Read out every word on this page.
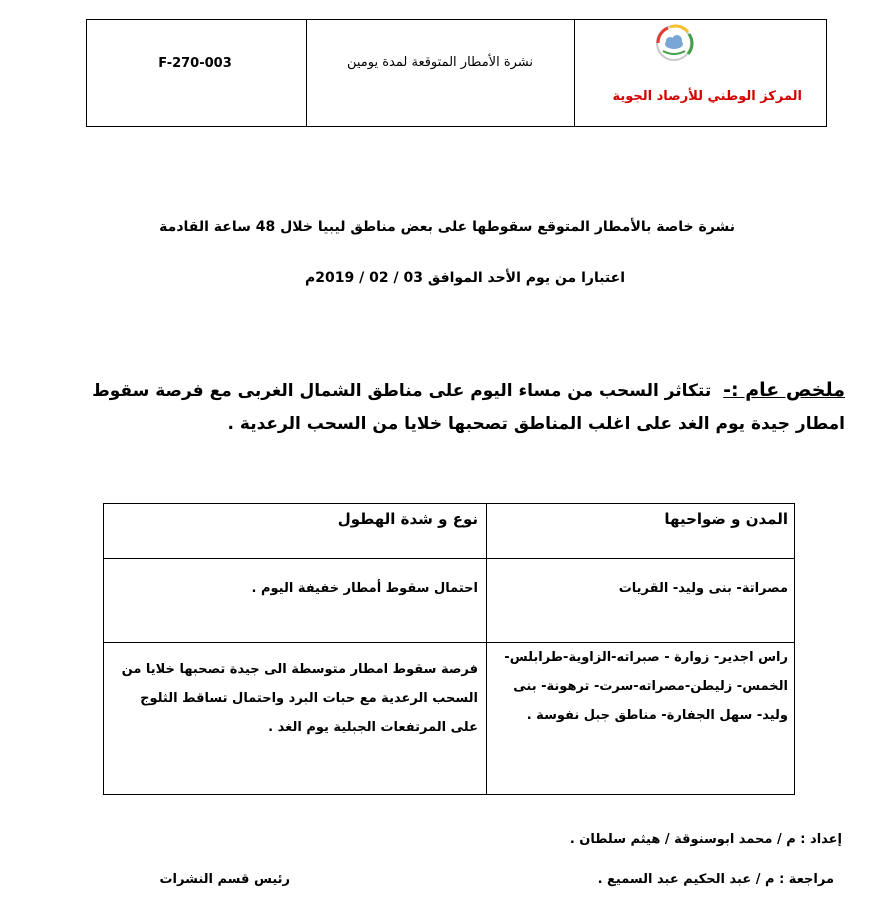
F-270-003	نشرة الأمطار المتوقعة لمدة يومين
المركز الوطني للأرصاد الجوية
نشرة خاصة بالأمطار المتوقع سقوطها على بعض مناطق ليبيا خلال 48 ساعة القادمة
اعتبارا من يوم الأحد الموافق 03 / 02 / 2019م
ملخص عام :-  تتكاثر السحب من مساء اليوم على مناطق الشمال الغربى مع فرصة سقوط امطار جيدة يوم الغد على اغلب المناطق تصحبها خلايا من السحب الرعدية .
المدن و ضواحيها
نوع و شدة الهطول
مصراتة- بنى وليد- القريات
احتمال سقوط أمطار خفيفة اليوم .
راس اجدير- زوارة - صبراته-الزاوية-طرابلس-الخمس- زليطن-مصراته-سرت- ترهونة- بنى وليد- سهل الجفارة- مناطق جبل نفوسة .
فرصة سقوط امطار متوسطة الى جيدة تصحبها خلايا من السحب الرعدية مع حبات البرد واحتمال تساقط الثلوج على المرتفعات الجبلية يوم الغد .
إعداد : م / محمد ابوسنوقة / هيثم سلطان .
مراجعة : م / عبد الحكيم عبد السميع .
رئيس قسم النشرات
